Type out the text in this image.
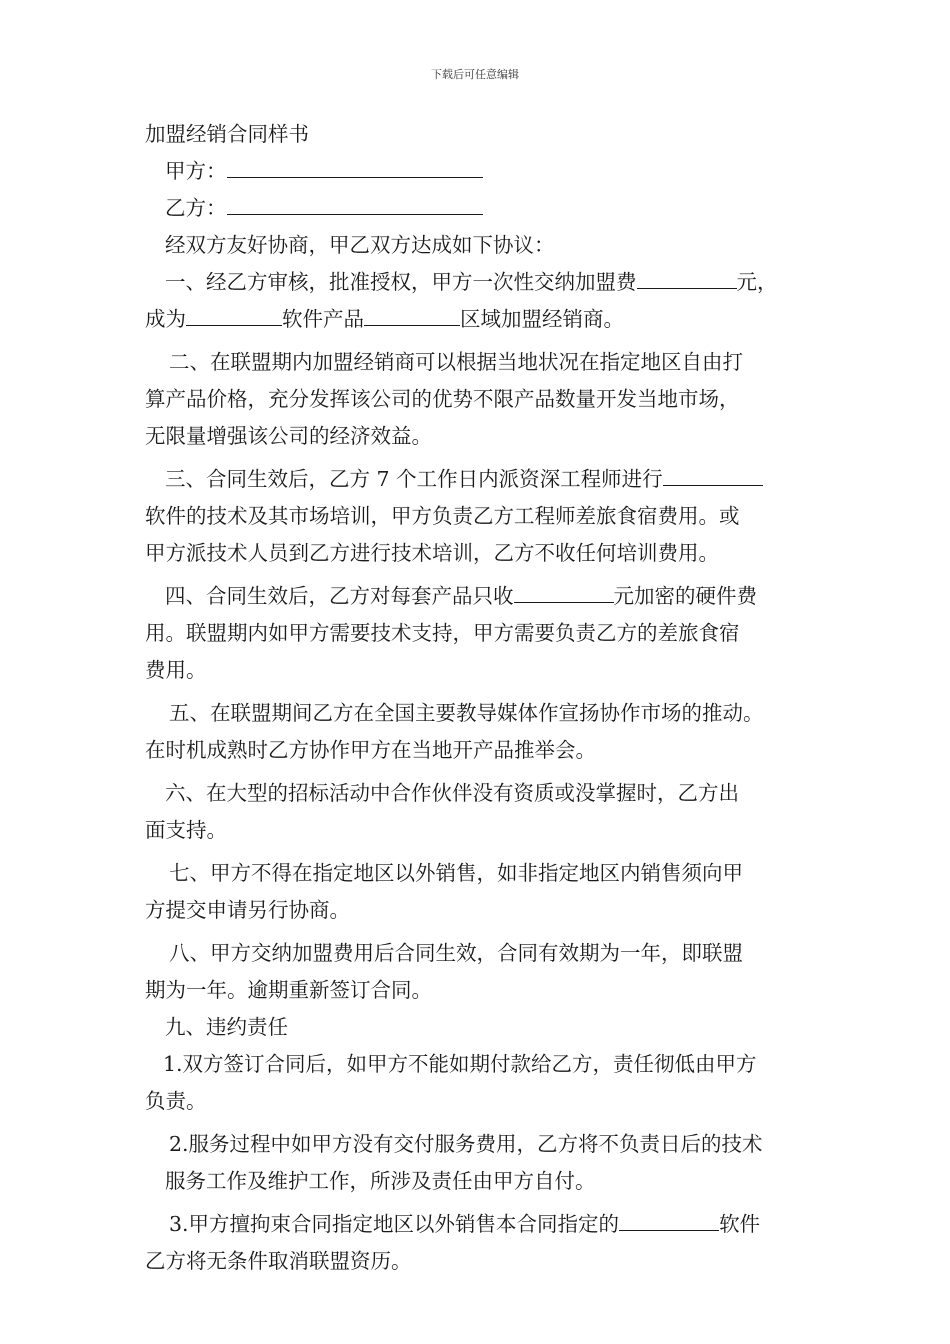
下载后可任意编辑
加盟经销合同样书
甲方：
乙方：
经双方友好协商，甲乙双方达成如下协议：
一、经乙方审核，批准授权，甲方一次性交纳加盟费	元，
成为	软件产品	区域加盟经销商。
二、在联盟期内加盟经销商可以根据当地状况在指定地区自由打
算产品价格，充分发挥该公司的优势不限产品数量开发当地市场，
无限量增强该公司的经济效益。
三、合同生效后，乙方 7 个工作日内派资深工程师进行
软件的技术及其市场培训，甲方负责乙方工程师差旅食宿费用。或
甲方派技术人员到乙方进行技术培训，乙方不收任何培训费用。
四、合同生效后，乙方对每套产品只收	元加密的硬件费
用。联盟期内如甲方需要技术支持，甲方需要负责乙方的差旅食宿
费用。
五、在联盟期间乙方在全国主要教导媒体作宣扬协作市场的推动。
在时机成熟时乙方协作甲方在当地开产品推举会。
六、在大型的招标活动中合作伙伴没有资质或没掌握时，乙方出
面支持。
七、甲方不得在指定地区以外销售，如非指定地区内销售须向甲
方提交申请另行协商。
八、甲方交纳加盟费用后合同生效，合同有效期为一年，即联盟
期为一年。逾期重新签订合同。
九、违约责任
1.双方签订合同后，如甲方不能如期付款给乙方，责任彻低由甲方
负责。
2.服务过程中如甲方没有交付服务费用，乙方将不负责日后的技术
服务工作及维护工作，所涉及责任由甲方自付。
3.甲方擅拘束合同指定地区以外销售本合同指定的	软件
乙方将无条件取消联盟资历。
